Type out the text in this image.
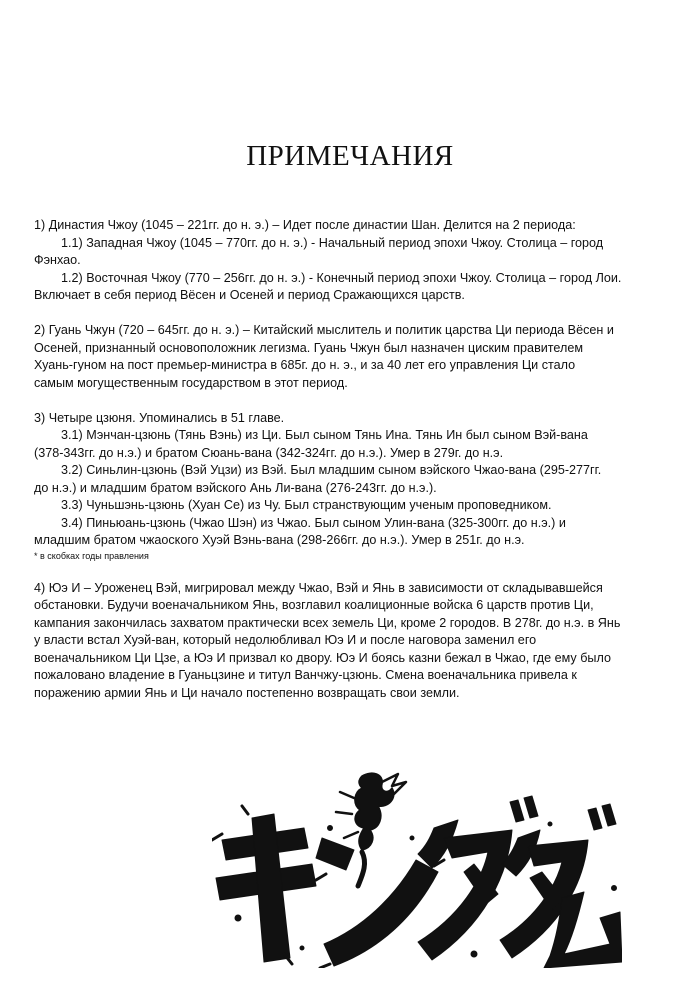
ПРИМЕЧАНИЯ
1) Династия Чжоу (1045 – 221гг. до н. э.) – Идет после династии Шан. Делится на 2 периода:
1.1) Западная Чжоу (1045 – 770гг. до н. э.) - Начальный период эпохи Чжоу. Столица – город
Фэнхао.
1.2) Восточная Чжоу (770 – 256гг. до н. э.) - Конечный период эпохи Чжоу. Столица – город Лои.
Включает в себя период Вёсен и Осеней и период Сражающихся царств.
2) Гуань Чжун (720 – 645гг. до н. э.) – Китайский мыслитель и политик царства Ци периода Вёсен и
Осеней, признанный основоположник легизма. Гуань Чжун был назначен циским правителем
Хуань-гуном на пост премьер-министра в 685г. до н. э., и за 40 лет его управления Ци стало
самым могущественным государством в этот период.
3) Четыре цзюня. Упоминались в 51 главе.
3.1) Мэнчан-цзюнь (Тянь Вэнь) из Ци. Был сыном Тянь Ина. Тянь Ин был сыном Вэй-вана
(378-343гг. до н.э.) и братом Сюань-вана (342-324гг. до н.э.). Умер в 279г. до н.э.
3.2) Синьлин-цзюнь (Вэй Уцзи) из Вэй. Был младшим сыном вэйского Чжао-вана (295-277гг.
до н.э.) и младшим братом вэйского Ань Ли-вана (276-243гг. до н.э.).
3.3) Чуньшэнь-цзюнь (Хуан Се) из Чу. Был странствующим ученым проповедником.
3.4) Пиньюань-цзюнь (Чжао Шэн) из Чжао. Был сыном Улин-вана (325-300гг. до н.э.) и
младшим братом чжаоского Хуэй Вэнь-вана (298-266гг. до н.э.). Умер в 251г. до н.э.
* в скобках годы правления
4) Юэ И – Уроженец Вэй, мигрировал между Чжао, Вэй и Янь в зависимости от складывавшейся
обстановки. Будучи военачальником Янь, возглавил коалиционные войска 6 царств против Ци,
кампания закончилась захватом практически всех земель Ци, кроме 2 городов. В 278г. до н.э. в Янь
у власти встал Хуэй-ван, который недолюбливал Юэ И и после наговора заменил его
военачальником Ци Цзе, а Юэ И призвал ко двору. Юэ И боясь казни бежал в Чжао, где ему было
пожаловано владение в Гуаньцзине и титул Ванчжу-цзюнь. Смена военачальника привела к
поражению армии Янь и Ци начало постепенно возвращать свои земли.
